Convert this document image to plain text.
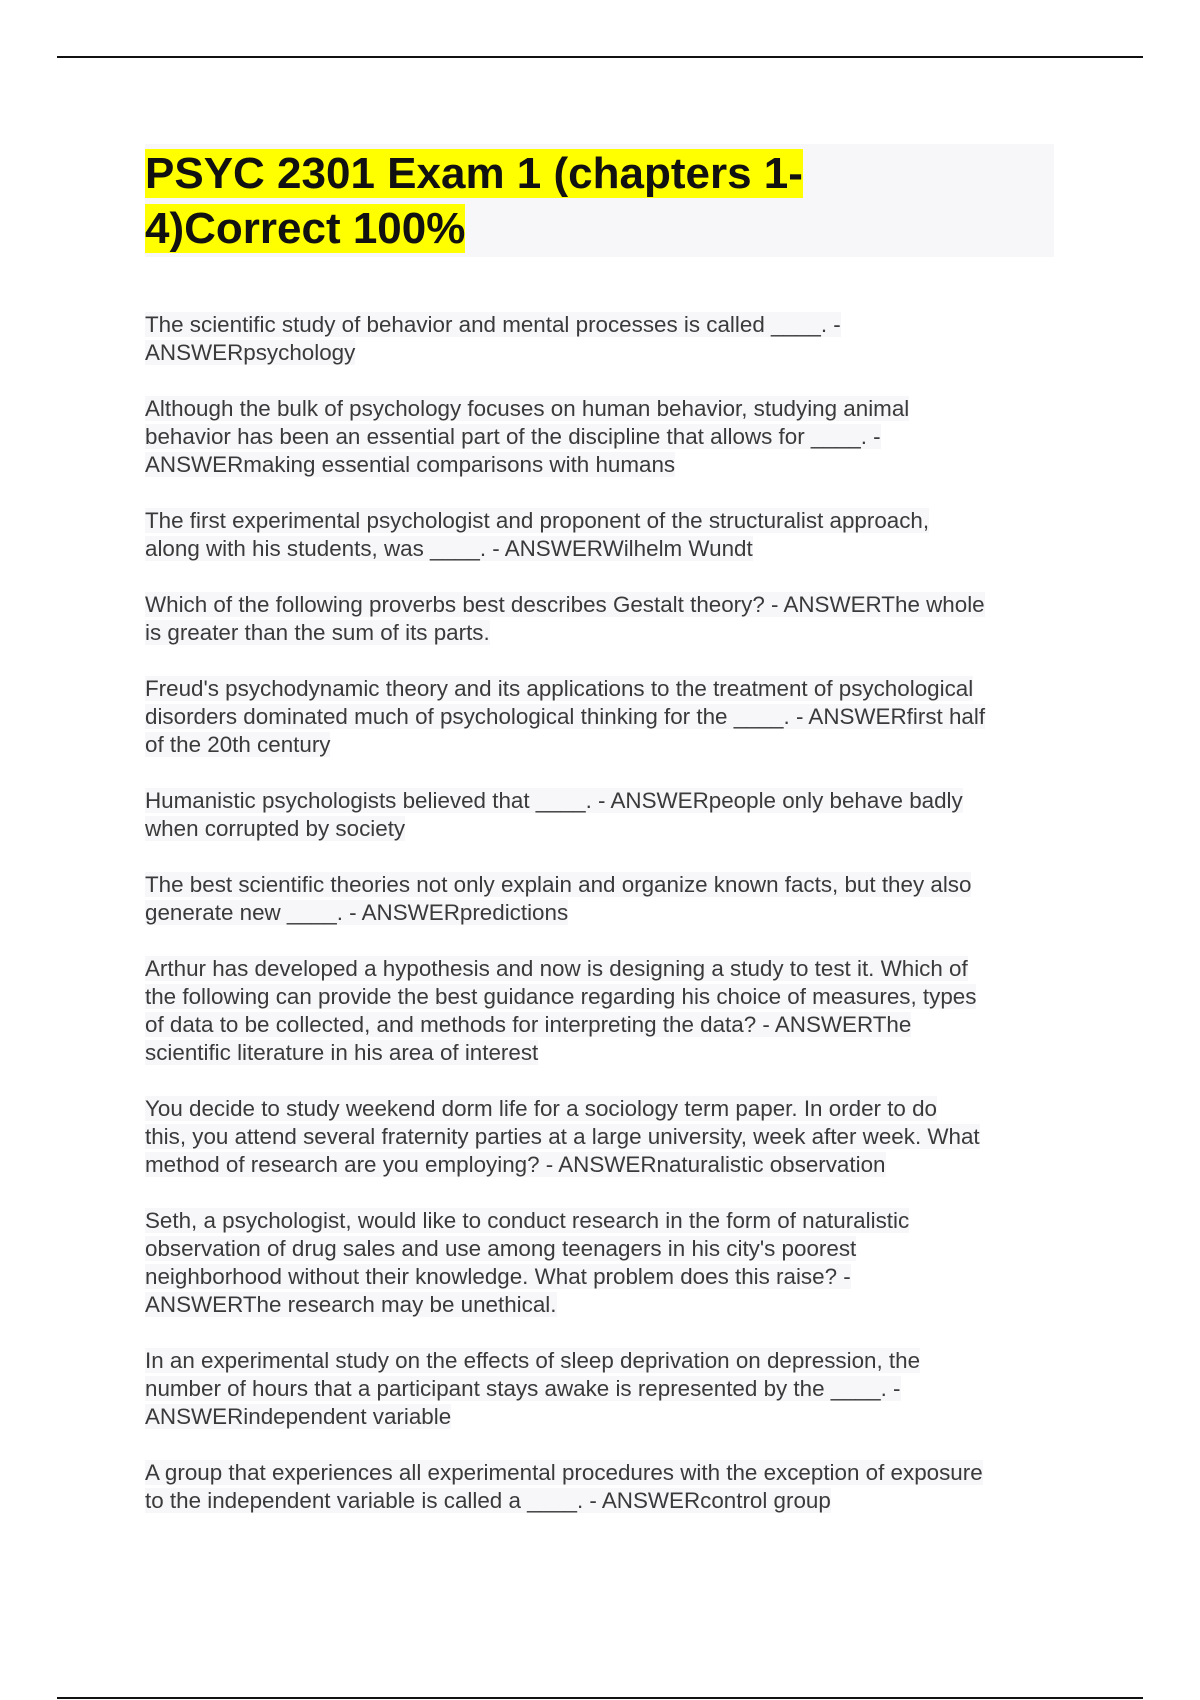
PSYC 2301 Exam 1 (chapters 1-
4)Correct 100%
The scientific study of behavior and mental processes is called ____. -
ANSWERpsychology
Although the bulk of psychology focuses on human behavior, studying animal
behavior has been an essential part of the discipline that allows for ____. -
ANSWERmaking essential comparisons with humans
The first experimental psychologist and proponent of the structuralist approach,
along with his students, was ____. - ANSWERWilhelm Wundt
Which of the following proverbs best describes Gestalt theory? - ANSWERThe whole
is greater than the sum of its parts.
Freud's psychodynamic theory and its applications to the treatment of psychological
disorders dominated much of psychological thinking for the ____. - ANSWERfirst half
of the 20th century
Humanistic psychologists believed that ____. - ANSWERpeople only behave badly
when corrupted by society
The best scientific theories not only explain and organize known facts, but they also
generate new ____. - ANSWERpredictions
Arthur has developed a hypothesis and now is designing a study to test it. Which of
the following can provide the best guidance regarding his choice of measures, types
of data to be collected, and methods for interpreting the data? - ANSWERThe
scientific literature in his area of interest
You decide to study weekend dorm life for a sociology term paper. In order to do
this, you attend several fraternity parties at a large university, week after week. What
method of research are you employing? - ANSWERnaturalistic observation
Seth, a psychologist, would like to conduct research in the form of naturalistic
observation of drug sales and use among teenagers in his city's poorest
neighborhood without their knowledge. What problem does this raise? -
ANSWERThe research may be unethical.
In an experimental study on the effects of sleep deprivation on depression, the
number of hours that a participant stays awake is represented by the ____. -
ANSWERindependent variable
A group that experiences all experimental procedures with the exception of exposure
to the independent variable is called a ____. - ANSWERcontrol group
